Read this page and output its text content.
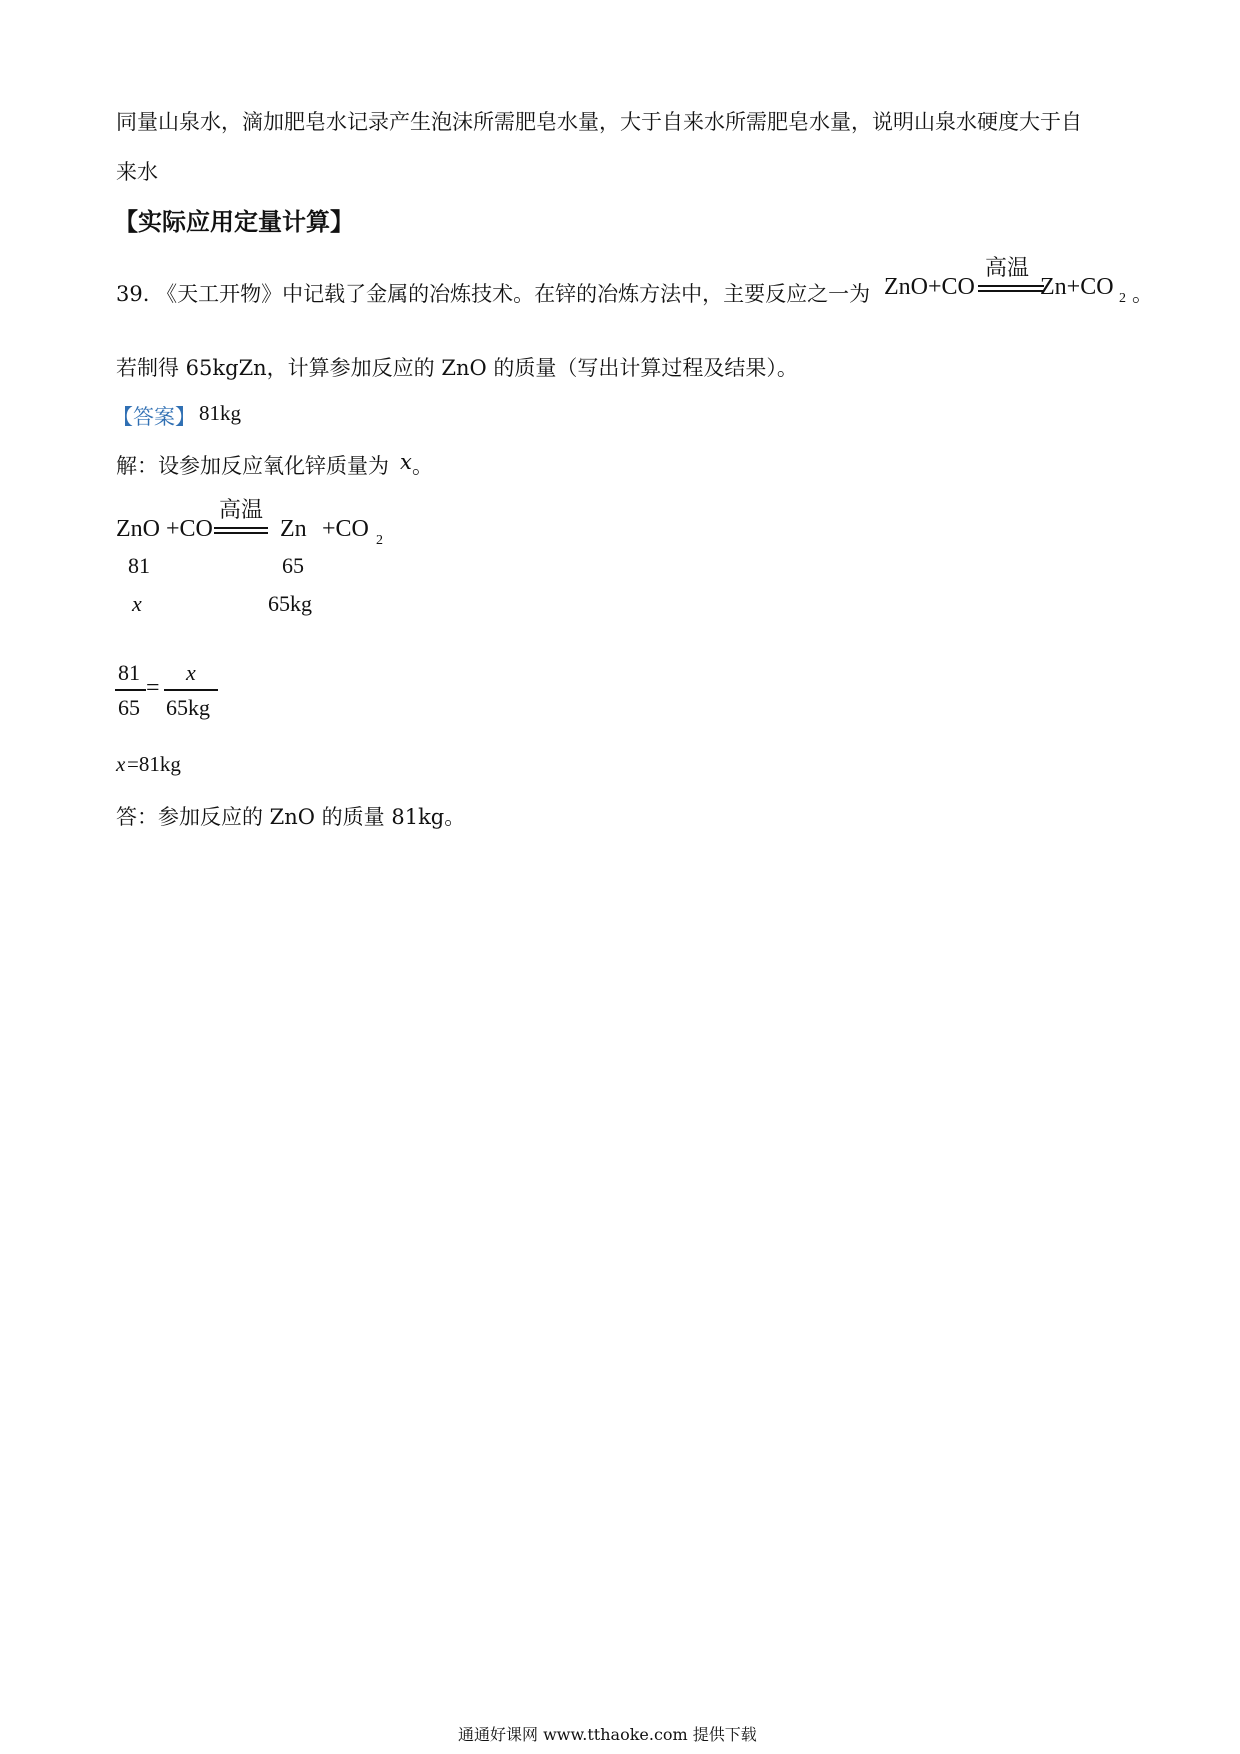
同量山泉水，滴加肥皂水记录产生泡沫所需肥皂水量，大于自来水所需肥皂水量，说明山泉水硬度大于自
来水
【实际应用定量计算】
39. 《天工开物》中记载了金属的冶炼技术。在锌的冶炼方法中，主要反应之一为 ZnO+CO
高温
Zn+CO 2 。
若制得 65kgZn，计算参加反应的 ZnO 的质量（写出计算过程及结果）。
【答案】 81kg
解：设参加反应氧化锌质量为 x 。
ZnO +CO
高温
Zn +CO 2
81	65
x	65kg
81
65
=
x
65kg
x =81kg
答：参加反应的 ZnO 的质量 81kg。
通通好课网 www.tthaoke.com 提供下载
